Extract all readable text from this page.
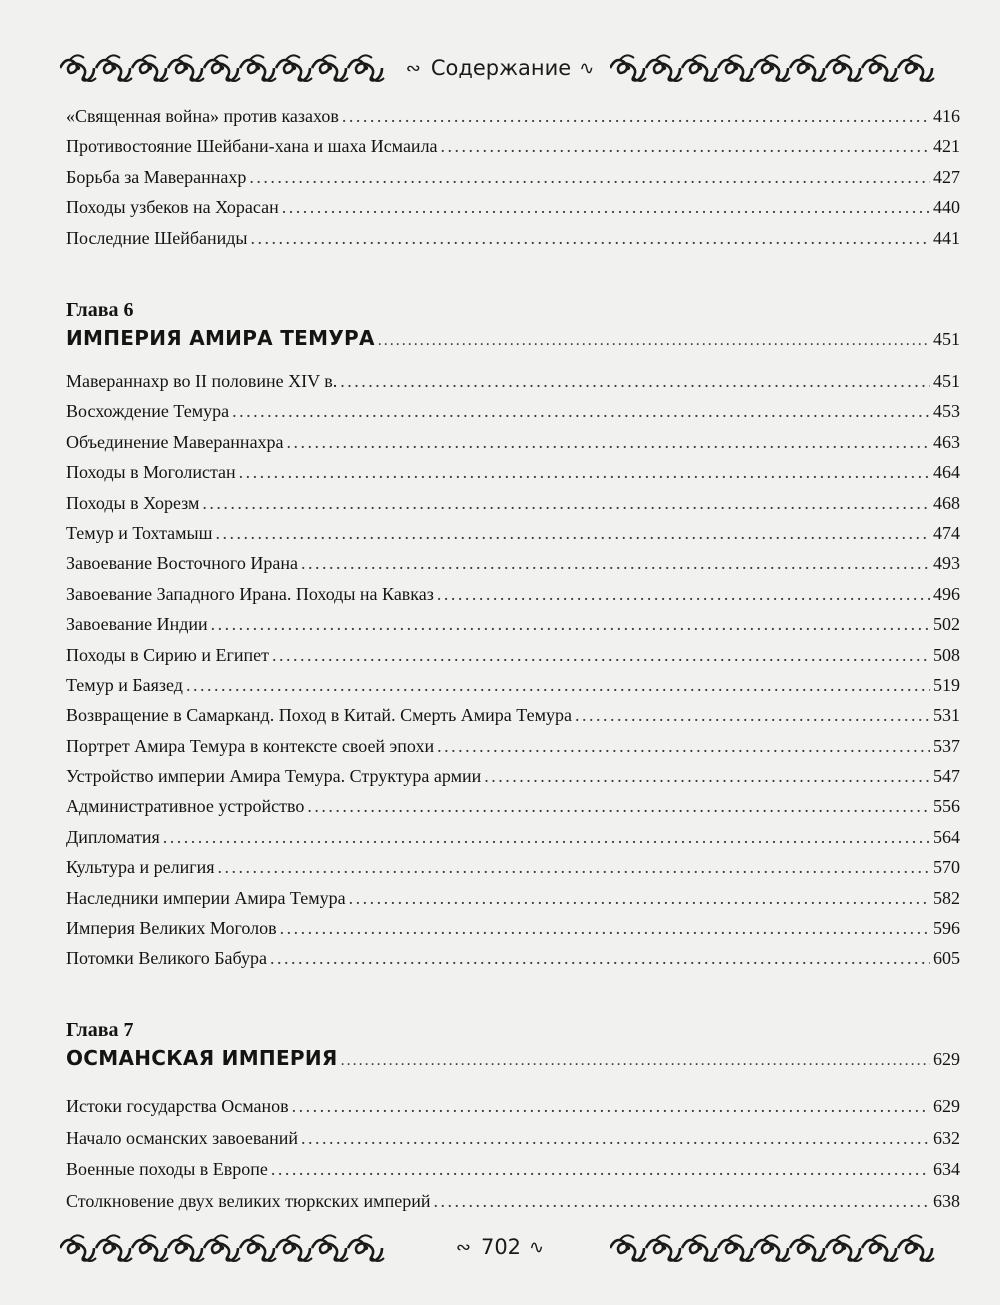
∾ Содержание ∿
«Священная война» против казахов . . .	416
Противостояние Шейбани-хана и шаха Исмаила . . .	421
Борьба за Мавераннахр . . .	427
Походы узбеков на Хорасан . . .	440
Последние Шейбаниды . . .	441
Глава 6
ИМПЕРИЯ АМИРА ТЕМУРА . . .	451
Мавераннахр во II половине XIV в. . . .	451
Восхождение Темура . . .	453
Объединение Мавераннахра . . .	463
Походы в Моголистан . . .	464
Походы в Хорезм . . .	468
Темур и Тохтамыш . . .	474
Завоевание Восточного Ирана . . .	493
Завоевание Западного Ирана. Походы на Кавказ . . .	496
Завоевание Индии . . .	502
Походы в Сирию и Египет . . .	508
Темур и Баязед . . .	519
Возвращение в Самарканд. Поход в Китай. Смерть Амира Темура . . .	531
Портрет Амира Темура в контексте своей эпохи . . .	537
Устройство империи Амира Темура. Структура армии . . .	547
Административное устройство . . .	556
Дипломатия . . .	564
Культура и религия . . .	570
Наследники империи Амира Темура . . .	582
Империя Великих Моголов . . .	596
Потомки Великого Бабура . . .	605
Глава 7
ОСМАНСКАЯ ИМПЕРИЯ . . .	629
Истоки государства Османов . . .	629
Начало османских завоеваний . . .	632
Военные походы в Европе . . .	634
Столкновение двух великих тюркских империй . . .	638
∾ 702 ∿
